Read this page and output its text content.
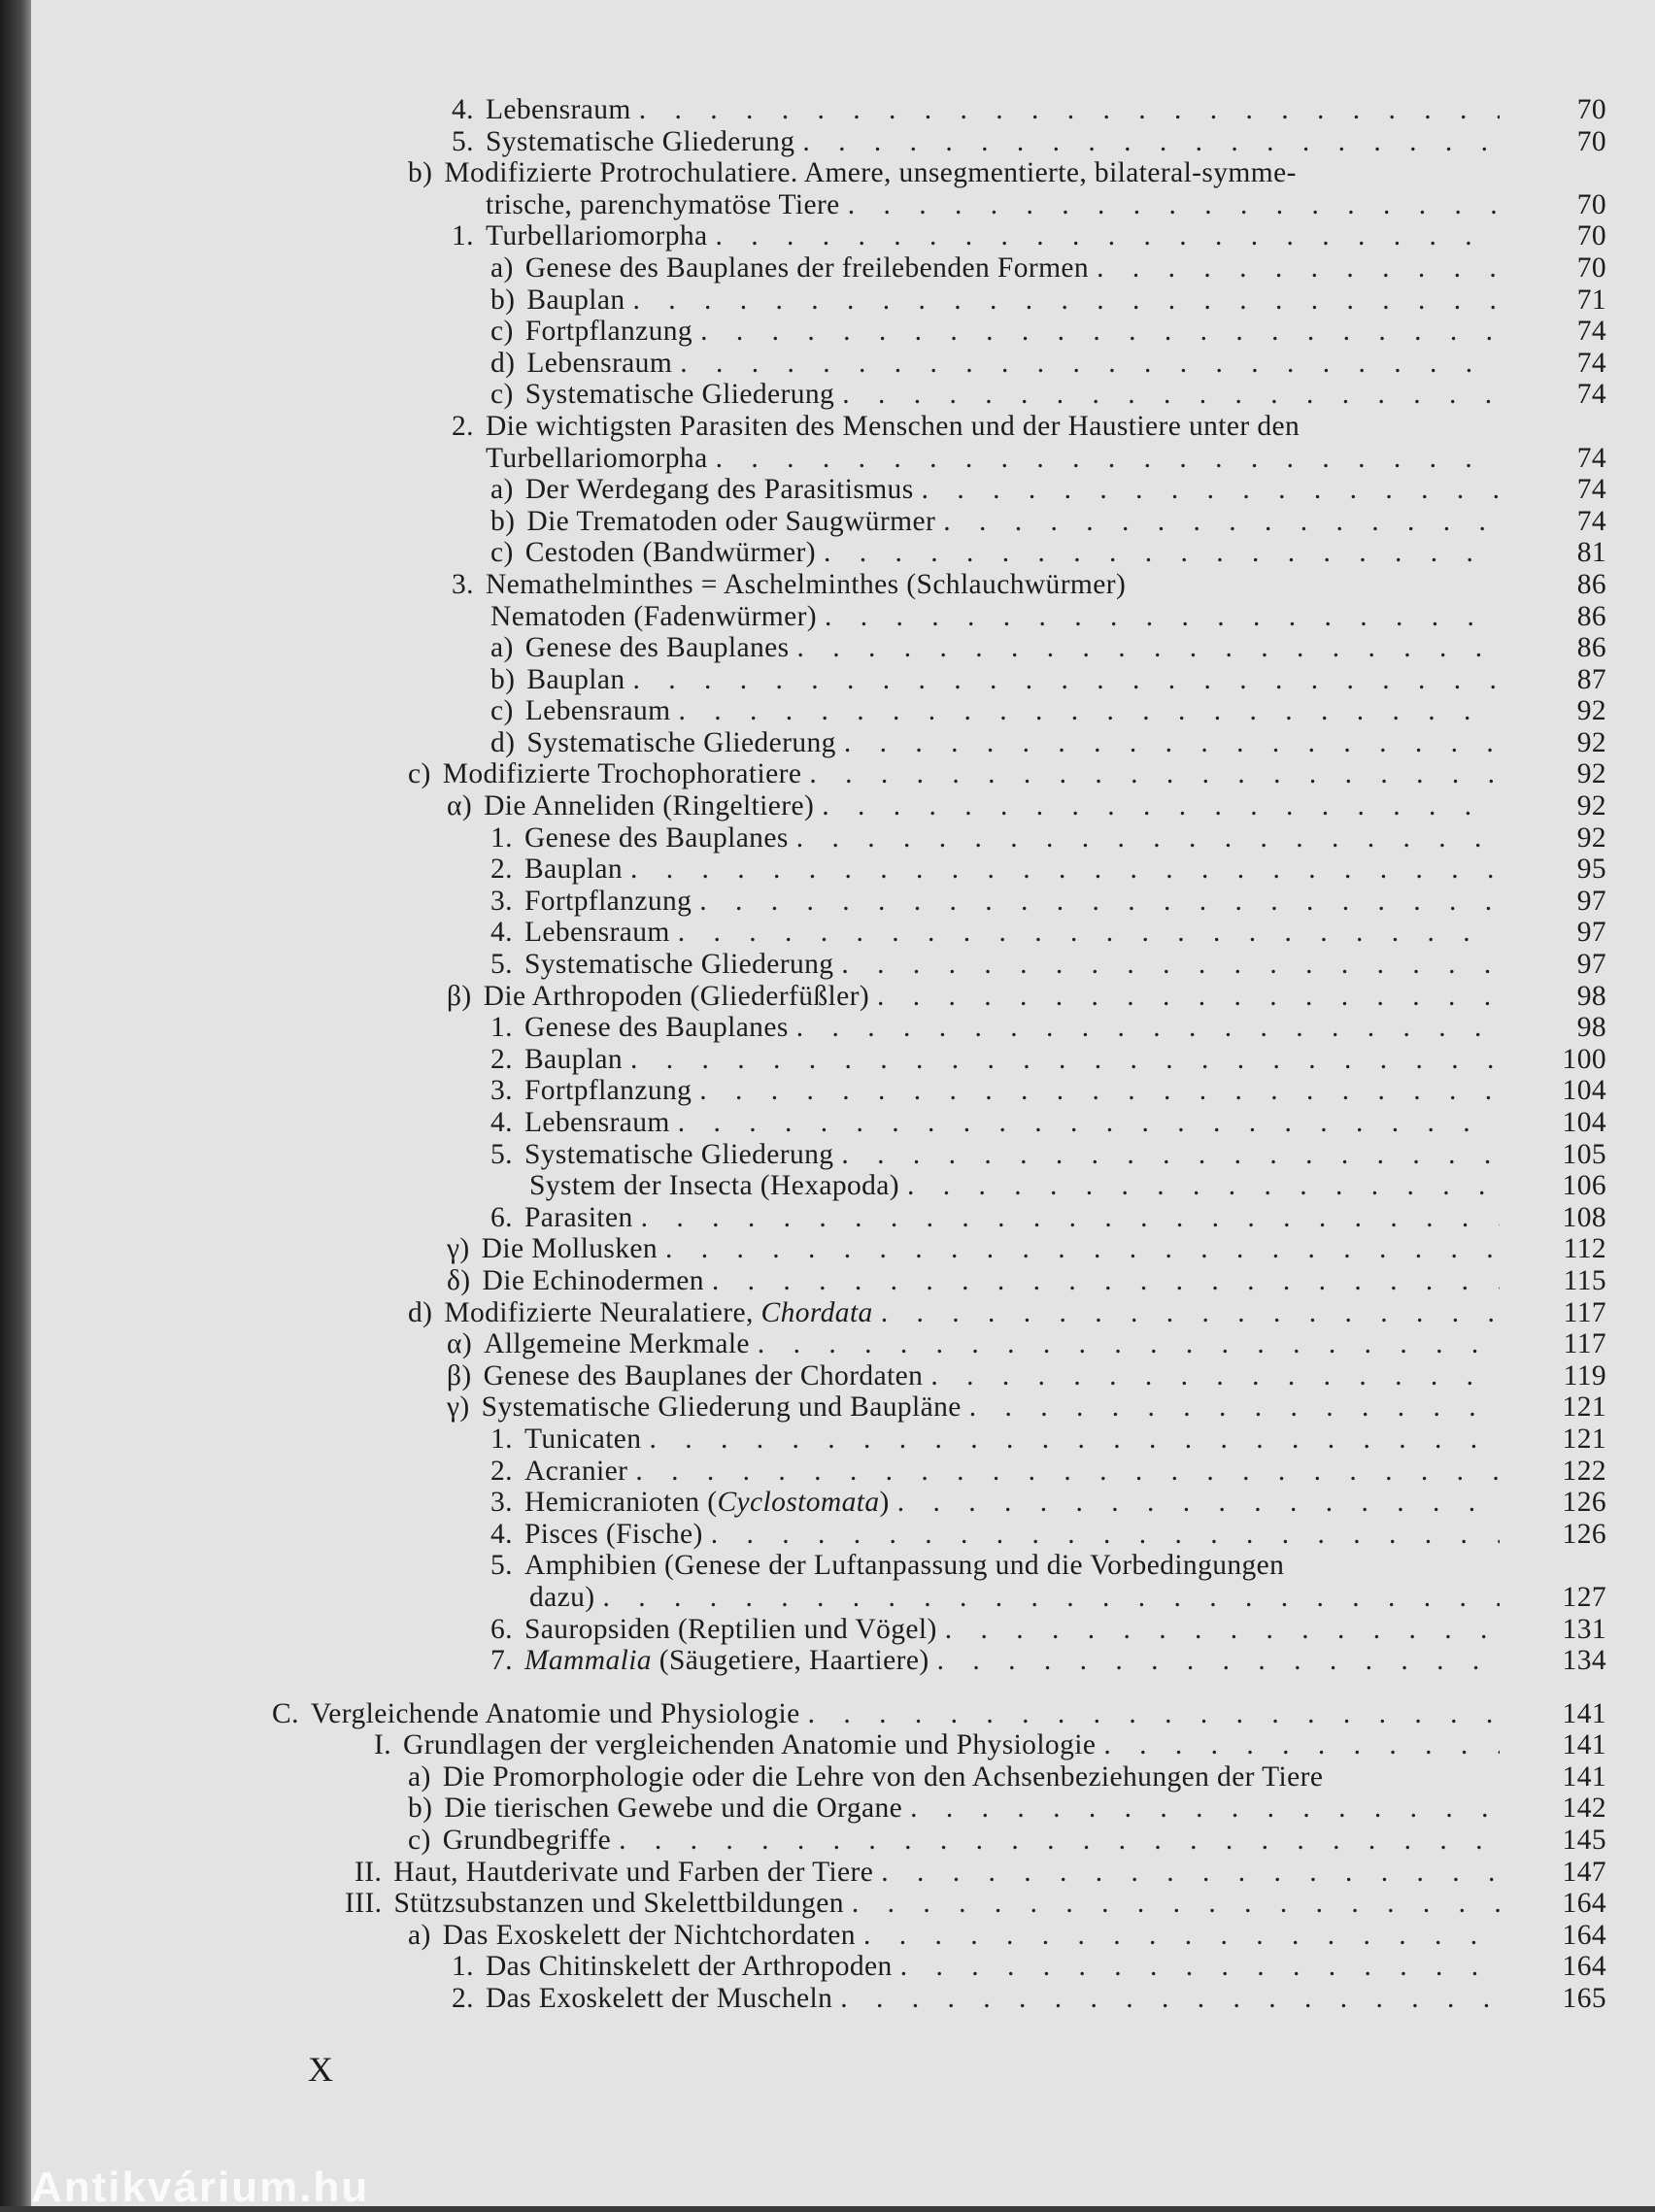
4. Lebensraum . . .	70
5. Systematische Gliederung . . .	70
b) Modifizierte Protrochulatiere. Amere, unsegmentierte, bilateral-symme-
trische, parenchymatöse Tiere . . .	70
1. Turbellariomorpha . . .	70
a) Genese des Bauplanes der freilebenden Formen . . .	70
b) Bauplan . . .	71
c) Fortpflanzung . . .	74
d) Lebensraum . . .	74
c) Systematische Gliederung . . .	74
2. Die wichtigsten Parasiten des Menschen und der Haustiere unter den
Turbellariomorpha . . .	74
a) Der Werdegang des Parasitismus . . .	74
b) Die Trematoden oder Saugwürmer . . .	74
c) Cestoden (Bandwürmer) . . .	81
3. Nemathelminthes = Aschelminthes (Schlauchwürmer)	86
Nematoden (Fadenwürmer) . . .	86
a) Genese des Bauplanes . . .	86
b) Bauplan . . .	87
c) Lebensraum . . .	92
d) Systematische Gliederung . . .	92
c) Modifizierte Trochophoratiere . . .	92
α) Die Anneliden (Ringeltiere) . . .	92
1. Genese des Bauplanes . . .	92
2. Bauplan . . .	95
3. Fortpflanzung . . .	97
4. Lebensraum . . .	97
5. Systematische Gliederung . . .	97
β) Die Arthropoden (Gliederfüßler) . . .	98
1. Genese des Bauplanes . . .	98
2. Bauplan . . .	100
3. Fortpflanzung . . .	104
4. Lebensraum . . .	104
5. Systematische Gliederung . . .	105
System der Insecta (Hexapoda) . . .	106
6. Parasiten . . .	108
γ) Die Mollusken . . .	112
δ) Die Echinodermen . . .	115
d) Modifizierte Neuralatiere, Chordata . . .	117
α) Allgemeine Merkmale . . .	117
β) Genese des Bauplanes der Chordaten . . .	119
γ) Systematische Gliederung und Baupläne . . .	121
1. Tunicaten . . .	121
2. Acranier . . .	122
3. Hemicranioten (Cyclostomata) . . .	126
4. Pisces (Fische) . . .	126
5. Amphibien (Genese der Luftanpassung und die Vorbedingungen
dazu) . . .	127
6. Sauropsiden (Reptilien und Vögel) . . .	131
7. Mammalia (Säugetiere, Haartiere) . . .	134
C. Vergleichende Anatomie und Physiologie . . .	141
I. Grundlagen der vergleichenden Anatomie und Physiologie . . .	141
a) Die Promorphologie oder die Lehre von den Achsenbeziehungen der Tiere	141
b) Die tierischen Gewebe und die Organe . . .	142
c) Grundbegriffe . . .	145
II. Haut, Hautderivate und Farben der Tiere . . .	147
III. Stützsubstanzen und Skelettbildungen . . .	164
a) Das Exoskelett der Nichtchordaten . . .	164
1. Das Chitinskelett der Arthropoden . . .	164
2. Das Exoskelett der Muscheln . . .	165
X
Antikvárium.hu
